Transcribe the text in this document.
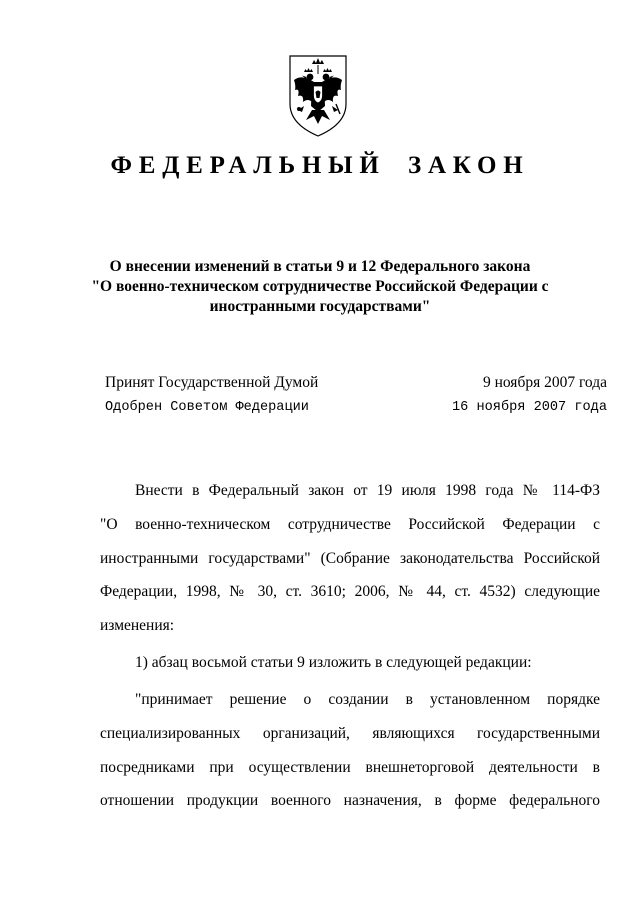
ФЕДЕРАЛЬНЫЙ ЗАКОН
О внесении изменений в статьи 9 и 12 Федерального закона
"О военно-техническом сотрудничестве Российской Федерации с
иностранными государствами"
Принят Государственной Думой	9 ноября 2007 года
Одобрен Советом Федерации	16 ноября 2007 года
Внести в Федеральный закон от 19 июля 1998 года № 114-ФЗ
"О военно-техническом сотрудничестве Российской Федерации с
иностранными государствами" (Собрание законодательства Российской
Федерации, 1998, № 30, ст. 3610; 2006, № 44, ст. 4532) следующие
изменения:
1) абзац восьмой статьи 9 изложить в следующей редакции:
"принимает решение о создании в установленном порядке
специализированных организаций, являющихся государственными
посредниками при осуществлении внешнеторговой деятельности в
отношении продукции военного назначения, в форме федерального
